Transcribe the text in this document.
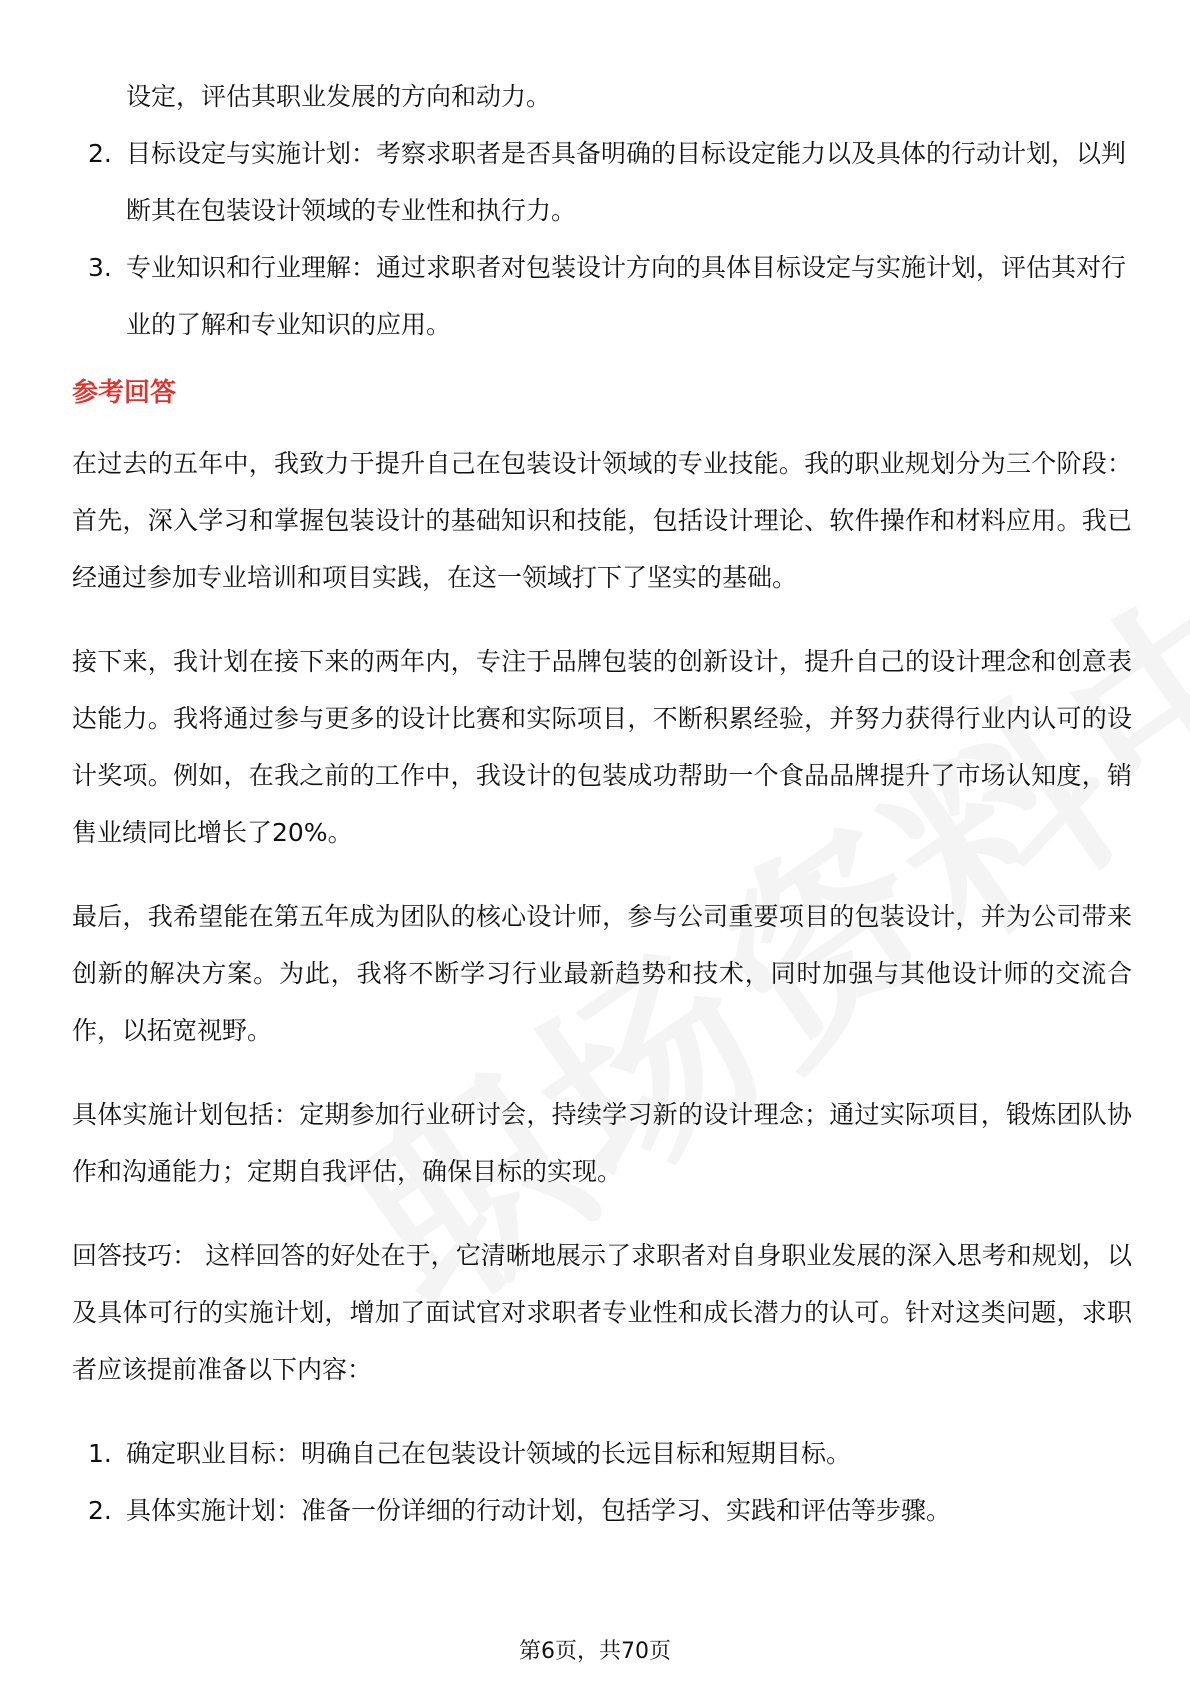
设定，评估其职业发展的方向和动力。
2. 目标设定与实施计划：考察求职者是否具备明确的目标设定能力以及具体的行动计划，以判断其在包装设计领域的专业性和执行力。
3. 专业知识和行业理解：通过求职者对包装设计方向的具体目标设定与实施计划，评估其对行业的了解和专业知识的应用。
参考回答

在过去的五年中，我致力于提升自己在包装设计领域的专业技能。我的职业规划分为三个阶段：首先，深入学习和掌握包装设计的基础知识和技能，包括设计理论、软件操作和材料应用。我已经通过参加专业培训和项目实践，在这一领域打下了坚实的基础。

接下来，我计划在接下来的两年内，专注于品牌包装的创新设计，提升自己的设计理念和创意表达能力。我将通过参与更多的设计比赛和实际项目，不断积累经验，并努力获得行业内认可的设计奖项。例如，在我之前的工作中，我设计的包装成功帮助一个食品品牌提升了市场认知度，销售业绩同比增长了20%。

最后，我希望能在第五年成为团队的核心设计师，参与公司重要项目的包装设计，并为公司带来创新的解决方案。为此，我将不断学习行业最新趋势和技术，同时加强与其他设计师的交流合作，以拓宽视野。

具体实施计划包括：定期参加行业研讨会，持续学习新的设计理念；通过实际项目，锻炼团队协作和沟通能力；定期自我评估，确保目标的实现。

回答技巧： 这样回答的好处在于，它清晰地展示了求职者对自身职业发展的深入思考和规划，以及具体可行的实施计划，增加了面试官对求职者专业性和成长潜力的认可。针对这类问题，求职者应该提前准备以下内容：

1. 确定职业目标：明确自己在包装设计领域的长远目标和短期目标。
2. 具体实施计划：准备一份详细的行动计划，包括学习、实践和评估等步骤。
第6页，共70页
